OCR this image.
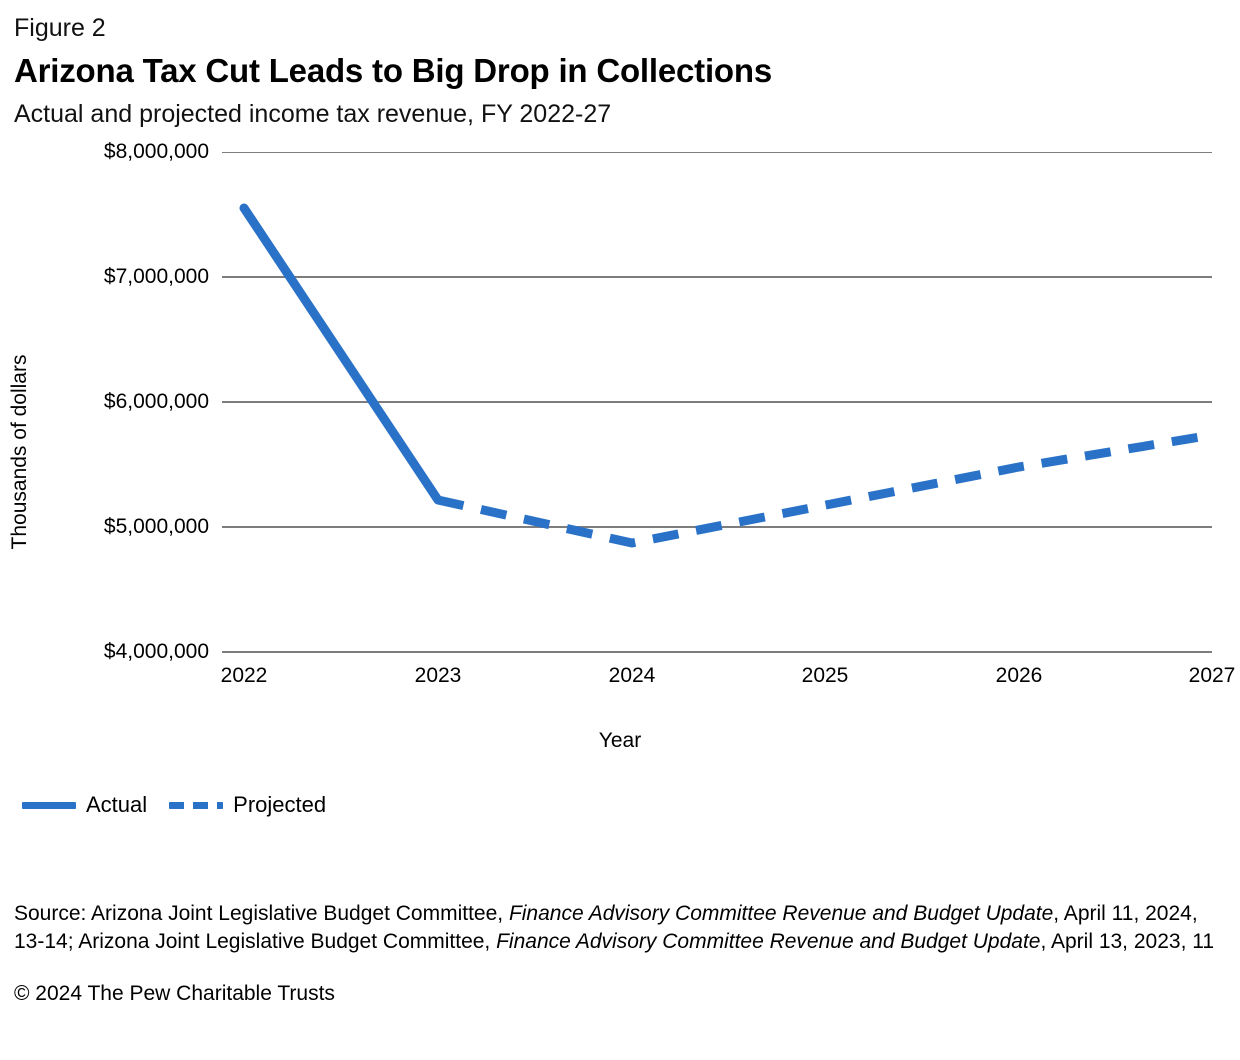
Figure 2
Arizona Tax Cut Leads to Big Drop in Collections
Actual and projected income tax revenue, FY 2022-27
Thousands of dollars
$8,000,000
$7,000,000
$6,000,000
$5,000,000
$4,000,000
2022	2023	2024	2025	2026	2027
Year
Actual	Projected
Source: Arizona Joint Legislative Budget Committee, Finance Advisory Committee Revenue and Budget Update, April 11, 2024, 13-14; Arizona Joint Legislative Budget Committee, Finance Advisory Committee Revenue and Budget Update, April 13, 2023, 11
© 2024 The Pew Charitable Trusts
